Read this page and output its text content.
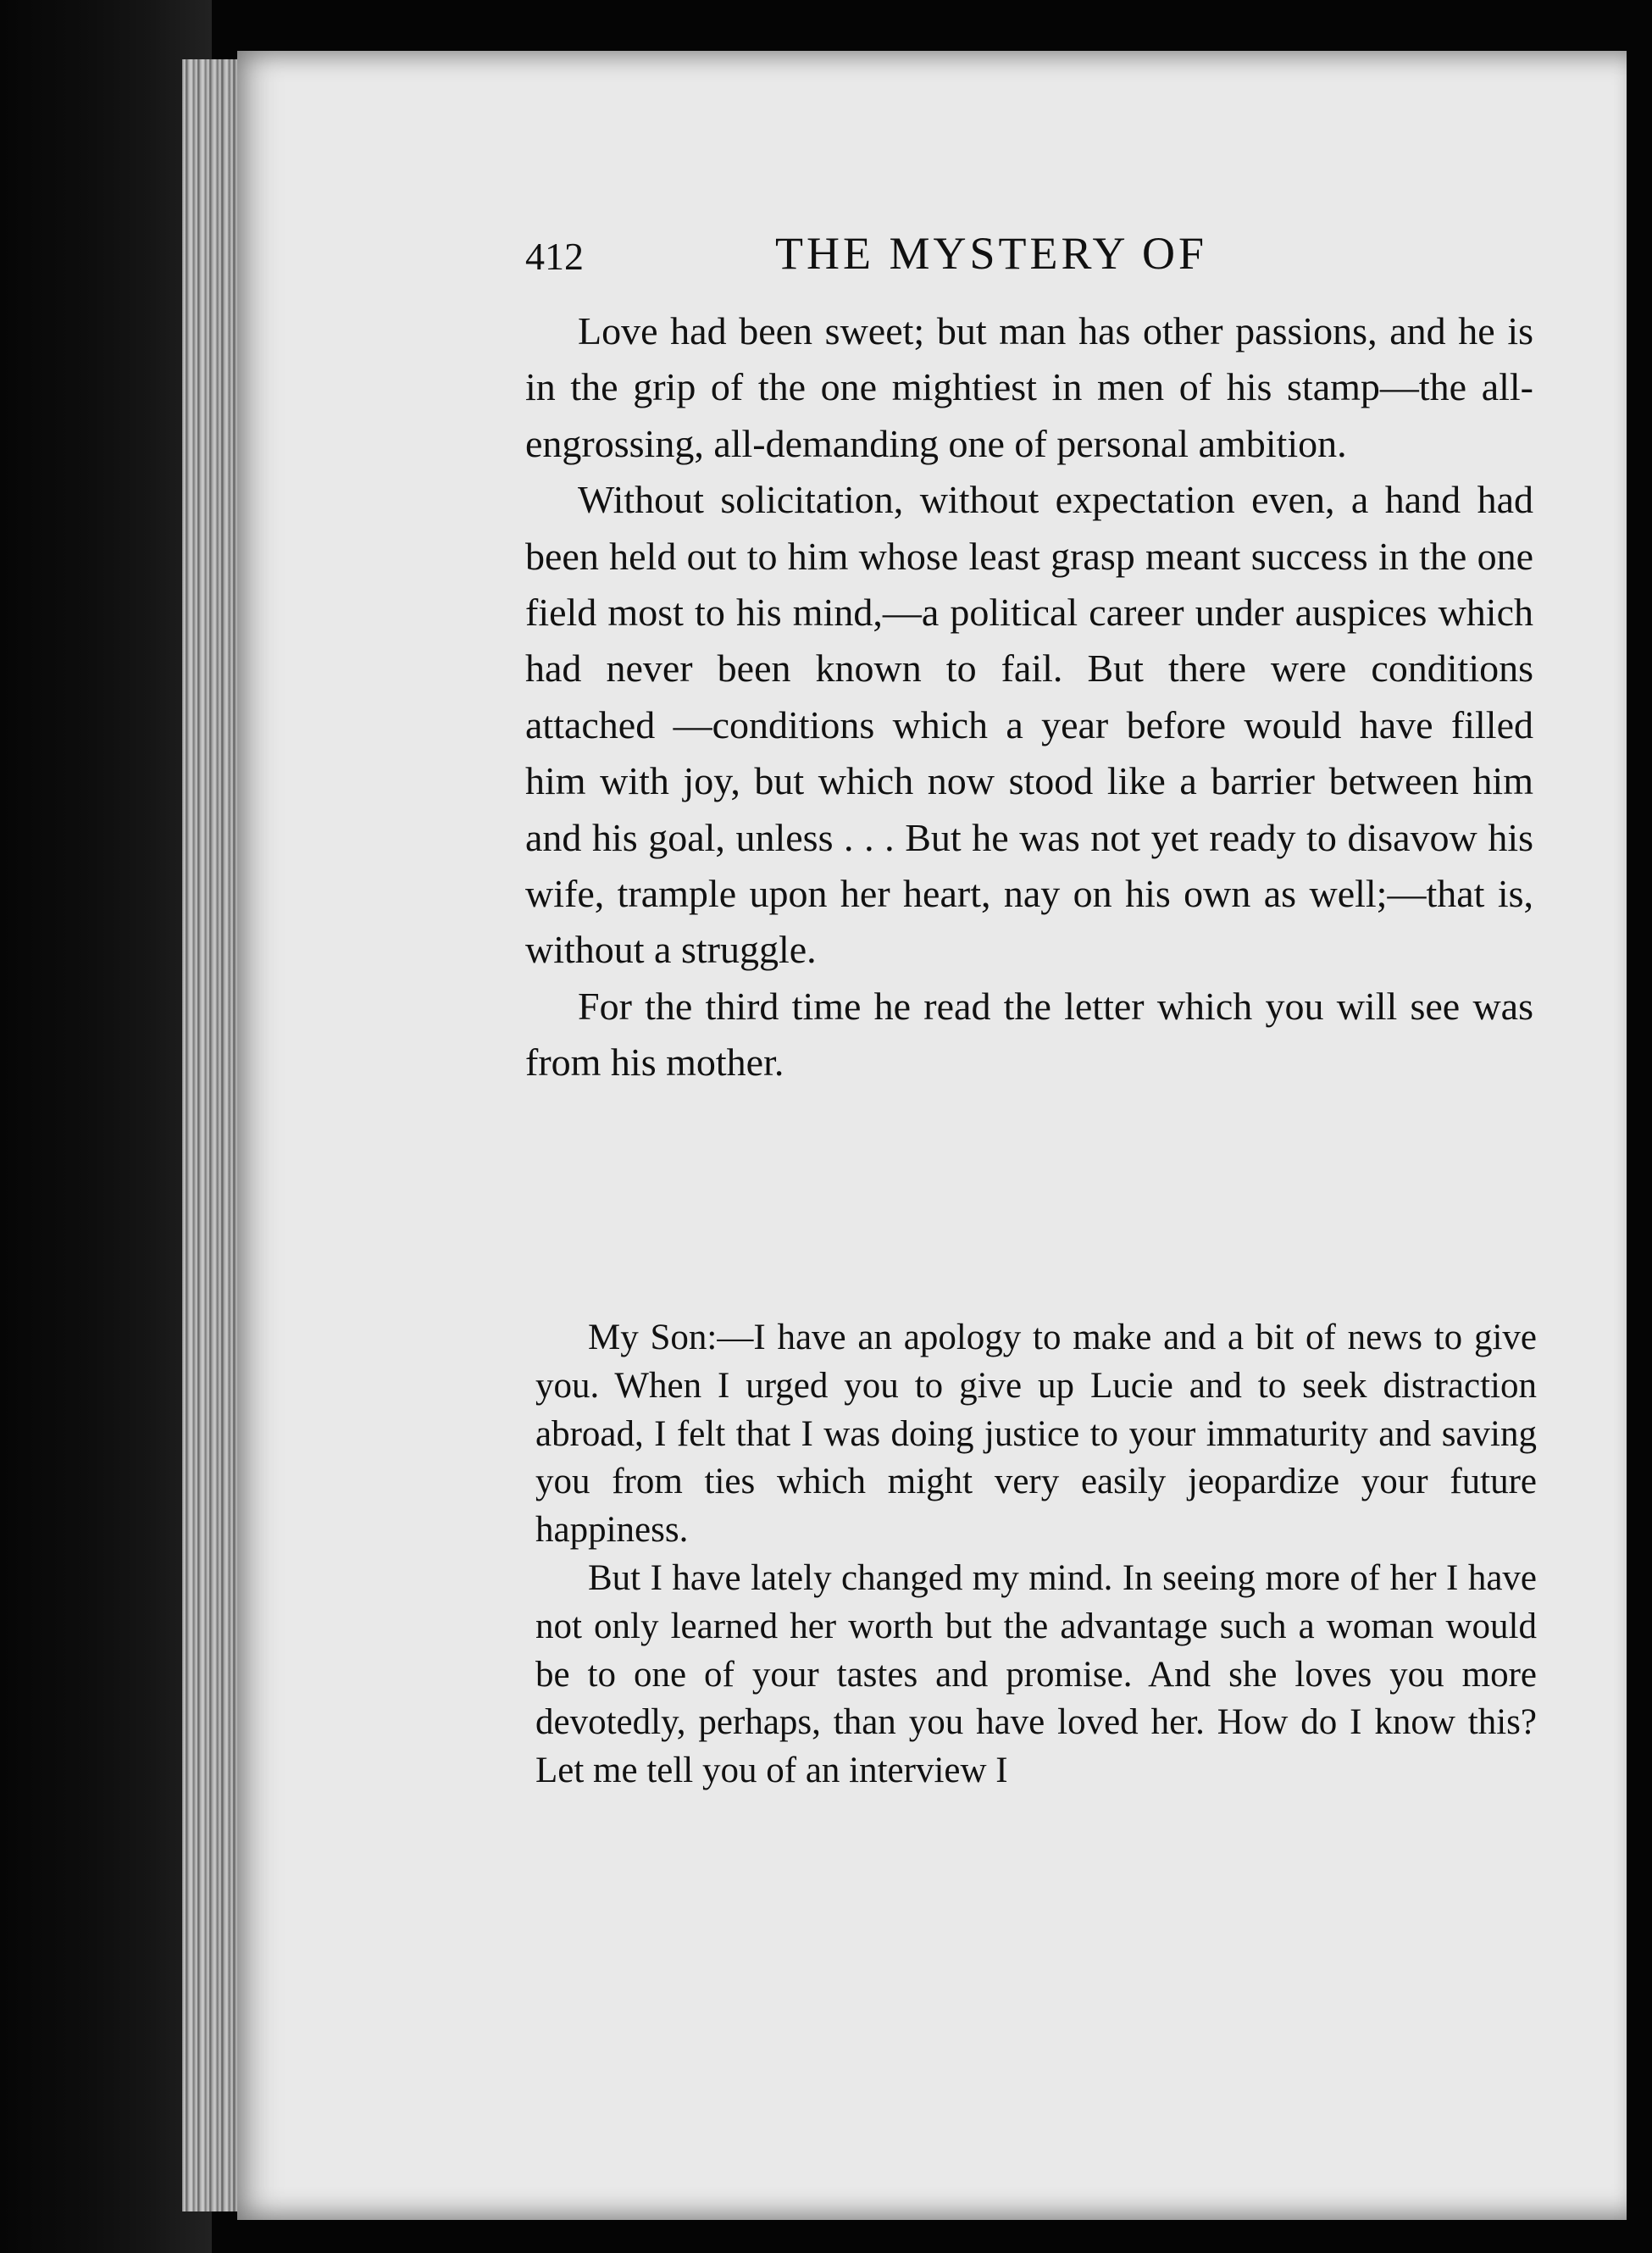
412	THE MYSTERY OF

Love had been sweet; but man has other passions, and he is in the grip of the one mightiest in men of his stamp—the all-engrossing, all-demanding one of personal ambition.

Without solicitation, without expectation even, a hand had been held out to him whose least grasp meant success in the one field most to his mind,—a political career under auspices which had never been known to fail. But there were conditions attached —conditions which a year before would have filled him with joy, but which now stood like a barrier between him and his goal, unless . . . But he was not yet ready to disavow his wife, trample upon her heart, nay on his own as well;—that is, without a struggle.

For the third time he read the letter which you will see was from his mother.

My Son:—I have an apology to make and a bit of news to give you. When I urged you to give up Lucie and to seek distraction abroad, I felt that I was doing justice to your immaturity and saving you from ties which might very easily jeopardize your future happiness.

But I have lately changed my mind. In seeing more of her I have not only learned her worth but the advantage such a woman would be to one of your tastes and promise. And she loves you more devotedly, perhaps, than you have loved her. How do I know this? Let me tell you of an interview I
